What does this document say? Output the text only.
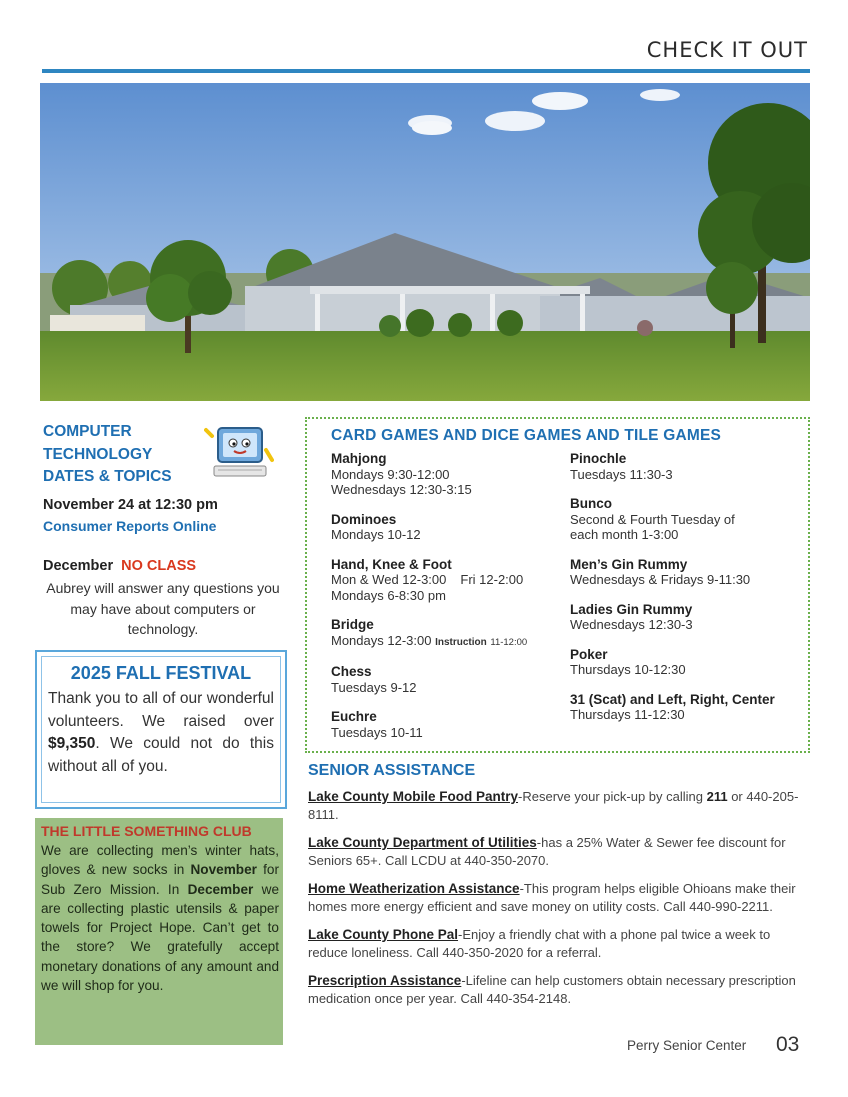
CHECK IT OUT
COMPUTER
TECHNOLOGY
DATES & TOPICS
November 24 at 12:30 pm
Consumer Reports Online
December NO CLASS
Aubrey will answer any questions you may have about computers or technology.
2025 FALL FESTIVAL
Thank you to all of our wonderful volunteers. We raised over $9,350. We could not do this without all of you.
THE LITTLE SOMETHING CLUB
We are collecting men’s winter hats, gloves & new socks in November for Sub Zero Mission. In December we are collecting plastic utensils & paper towels for Project Hope. Can’t get to the store? We gratefully accept monetary donations of any amount and we will shop for you.
CARD GAMES AND DICE GAMES AND TILE GAMES
Mahjong
Mondays 9:30-12:00
Wednesdays 12:30-3:15
Dominoes
Mondays 10-12
Hand, Knee & Foot
Mon & Wed 12-3:00 Fri 12-2:00
Mondays 6-8:30 pm
Bridge
Mondays 12-3:00 Instruction 11-12:00
Chess
Tuesdays 9-12
Euchre
Tuesdays 10-11
Pinochle
Tuesdays 11:30-3
Bunco
Second & Fourth Tuesday of
each month 1-3:00
Men’s Gin Rummy
Wednesdays & Fridays 9-11:30
Ladies Gin Rummy
Wednesdays 12:30-3
Poker
Thursdays 10-12:30
31 (Scat) and Left, Right, Center
Thursdays 11-12:30
SENIOR ASSISTANCE
Lake County Mobile Food Pantry-Reserve your pick-up by calling 211 or 440-205-8111.
Lake County Department of Utilities-has a 25% Water & Sewer fee discount for Seniors 65+. Call LCDU at 440-350-2070.
Home Weatherization Assistance-This program helps eligible Ohioans make their homes more energy efficient and save money on utility costs. Call 440-990-2211.
Lake County Phone Pal-Enjoy a friendly chat with a phone pal twice a week to reduce loneliness. Call 440-350-2020 for a referral.
Prescription Assistance-Lifeline can help customers obtain necessary prescription medication once per year. Call 440-354-2148.
Perry Senior Center 03
